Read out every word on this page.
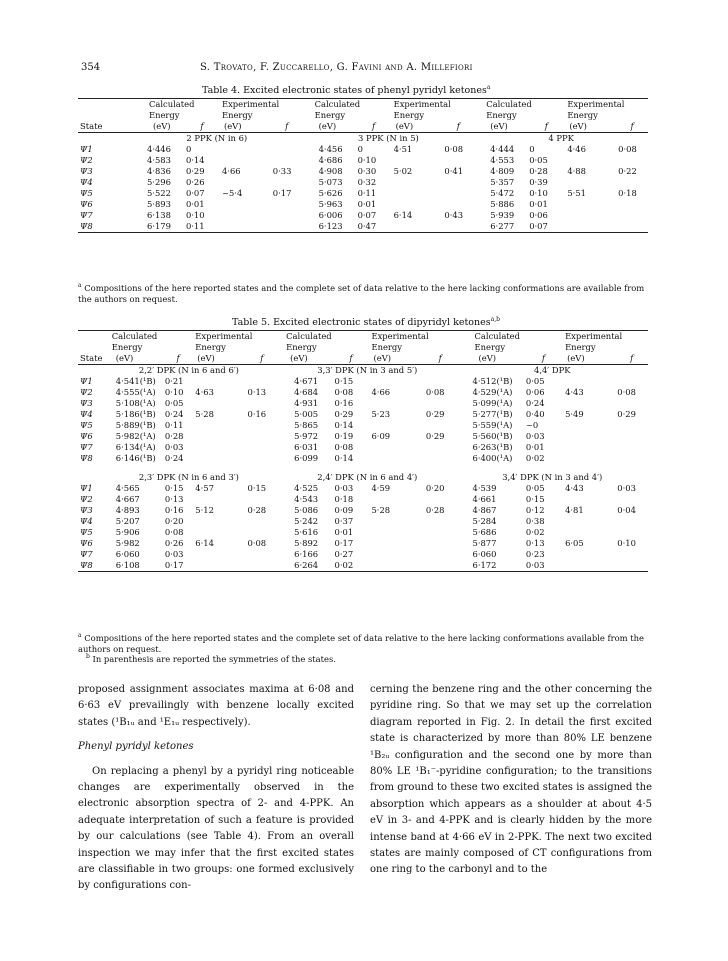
354	S. Trovato, F. Zuccarello, G. Favini and A. Millefiori
Table 4. Excited electronic states of phenyl pyridyl ketones$^a$
	Calculated		Experimental		Calculated		Experimental		Calculated		Experimental	
	Energy		Energy		Energy		Energy		Energy		Energy	
State	(eV)	f	(eV)	f	(eV)	f	(eV)	f	(eV)	f	(eV)	f
	2 PPK (N in 6)				3 PPK (N in 5)				4 PPK			
Ψ1	4·446	0			4·456	0	4·51	0·08	4·444	0	4·46	0·08
Ψ2	4·583	0·14			4·686	0·10			4·553	0·05		
Ψ3	4·836	0·29	4·66	0·33	4·908	0·30	5·02	0·41	4·809	0·28	4·88	0·22
Ψ4	5·296	0·26			5·073	0·32			5·357	0·39		
Ψ5	5·522	0·07	~5·4	0·17	5·626	0·11			5·472	0·10	5·51	0·18
Ψ6	5·893	0·01			5·963	0·01			5·886	0·01		
Ψ7	6·138	0·10			6·006	0·07	6·14	0·43	5·939	0·06		
Ψ8	6·179	0·11			6·123	0·47			6·277	0·07		
$^a$ Compositions of the here reported states and the complete set of data relative to the here lacking conformations are available from the authors on request.
Table 5. Excited electronic states of dipyridyl ketones$^{a,b}$
	Calculated		Experimental		Calculated		Experimental		Calculated		Experimental	
	Energy		Energy		Energy		Energy		Energy		Energy	
State	(eV)	f	(eV)	f	(eV)	f	(eV)	f	(eV)	f	(eV)	f
	2,2′ DPK (N in 6 and 6′)				3,3′ DPK (N in 3 and 5′)				4,4′ DPK			
Ψ1	4·541(¹B)	0·21			4·671	0·15			4·512(¹B)	0·05		
Ψ2	4·555(¹A)	0·10	4·63	0·13	4·684	0·08	4·66	0·08	4·529(¹A)	0·06	4·43	0·08
Ψ3	5·108(¹A)	0·05			4·931	0·16			5·099(¹A)	0·24		
Ψ4	5·186(¹B)	0·24	5·28	0·16	5·005	0·29	5·23	0·29	5·277(¹B)	0·40	5·49	0·29
Ψ5	5·889(¹B)	0·11			5·865	0·14			5·559(¹A)	~0		
Ψ6	5·982(¹A)	0·28			5·972	0·19	6·09	0·29	5·560(¹B)	0·03		
Ψ7	6·134(¹A)	0·03			6·031	0·08			6·263(¹B)	0·01		
Ψ8	6·146(¹B)	0·24			6·099	0·14			6·400(¹A)	0·02		

	2,3′ DPK (N in 6 and 3′)				2,4′ DPK (N in 6 and 4′)				3,4′ DPK (N in 3 and 4′)			
Ψ1	4·565	0·15	4·57	0·15	4·525	0·03	4·59	0·20	4·539	0·05	4·43	0·03
Ψ2	4·667	0·13			4·543	0·18			4·661	0·15		
Ψ3	4·893	0·16	5·12	0·28	5·086	0·09	5·28	0·28	4·867	0·12	4·81	0·04
Ψ4	5·207	0·20			5·242	0·37			5·284	0·38		
Ψ5	5·906	0·08			5·616	0·01			5·686	0·02		
Ψ6	5·982	0·26	6·14	0·08	5·892	0·17			5·877	0·13	6·05	0·10
Ψ7	6·060	0·03			6·166	0·27			6·060	0·23		
Ψ8	6·108	0·17			6·264	0·02			6·172	0·03		
$^a$ Compositions of the here reported states and the complete set of data relative to the here lacking conformations available from the authors on request.
$^b$ In parenthesis are reported the symmetries of the states.

proposed assignment associates maxima at 6·08 and 6·63 eV prevailingly with benzene locally excited states (¹B₁ᵤ and ¹E₁ᵤ respectively).

Phenyl pyridyl ketones

On replacing a phenyl by a pyridyl ring noticeable changes are experimentally observed in the electronic absorption spectra of 2- and 4-PPK. An adequate interpretation of such a feature is provided by our calculations (see Table 4). From an overall inspection we may infer that the first excited states are classifiable in two groups: one formed exclusively by configurations con-

cerning the benzene ring and the other concerning the pyridine ring. So that we may set up the correlation diagram reported in Fig. 2. In detail the first excited state is characterized by more than 80% LE benzene ¹B₂ᵤ configuration and the second one by more than 80% LE ¹B₁⁻-pyridine configuration; to the transitions from ground to these two excited states is assigned the absorption which appears as a shoulder at about 4·5 eV in 3- and 4-PPK and is clearly hidden by the more intense band at 4·66 eV in 2-PPK. The next two excited states are mainly composed of CT configurations from one ring to the carbonyl and to the
